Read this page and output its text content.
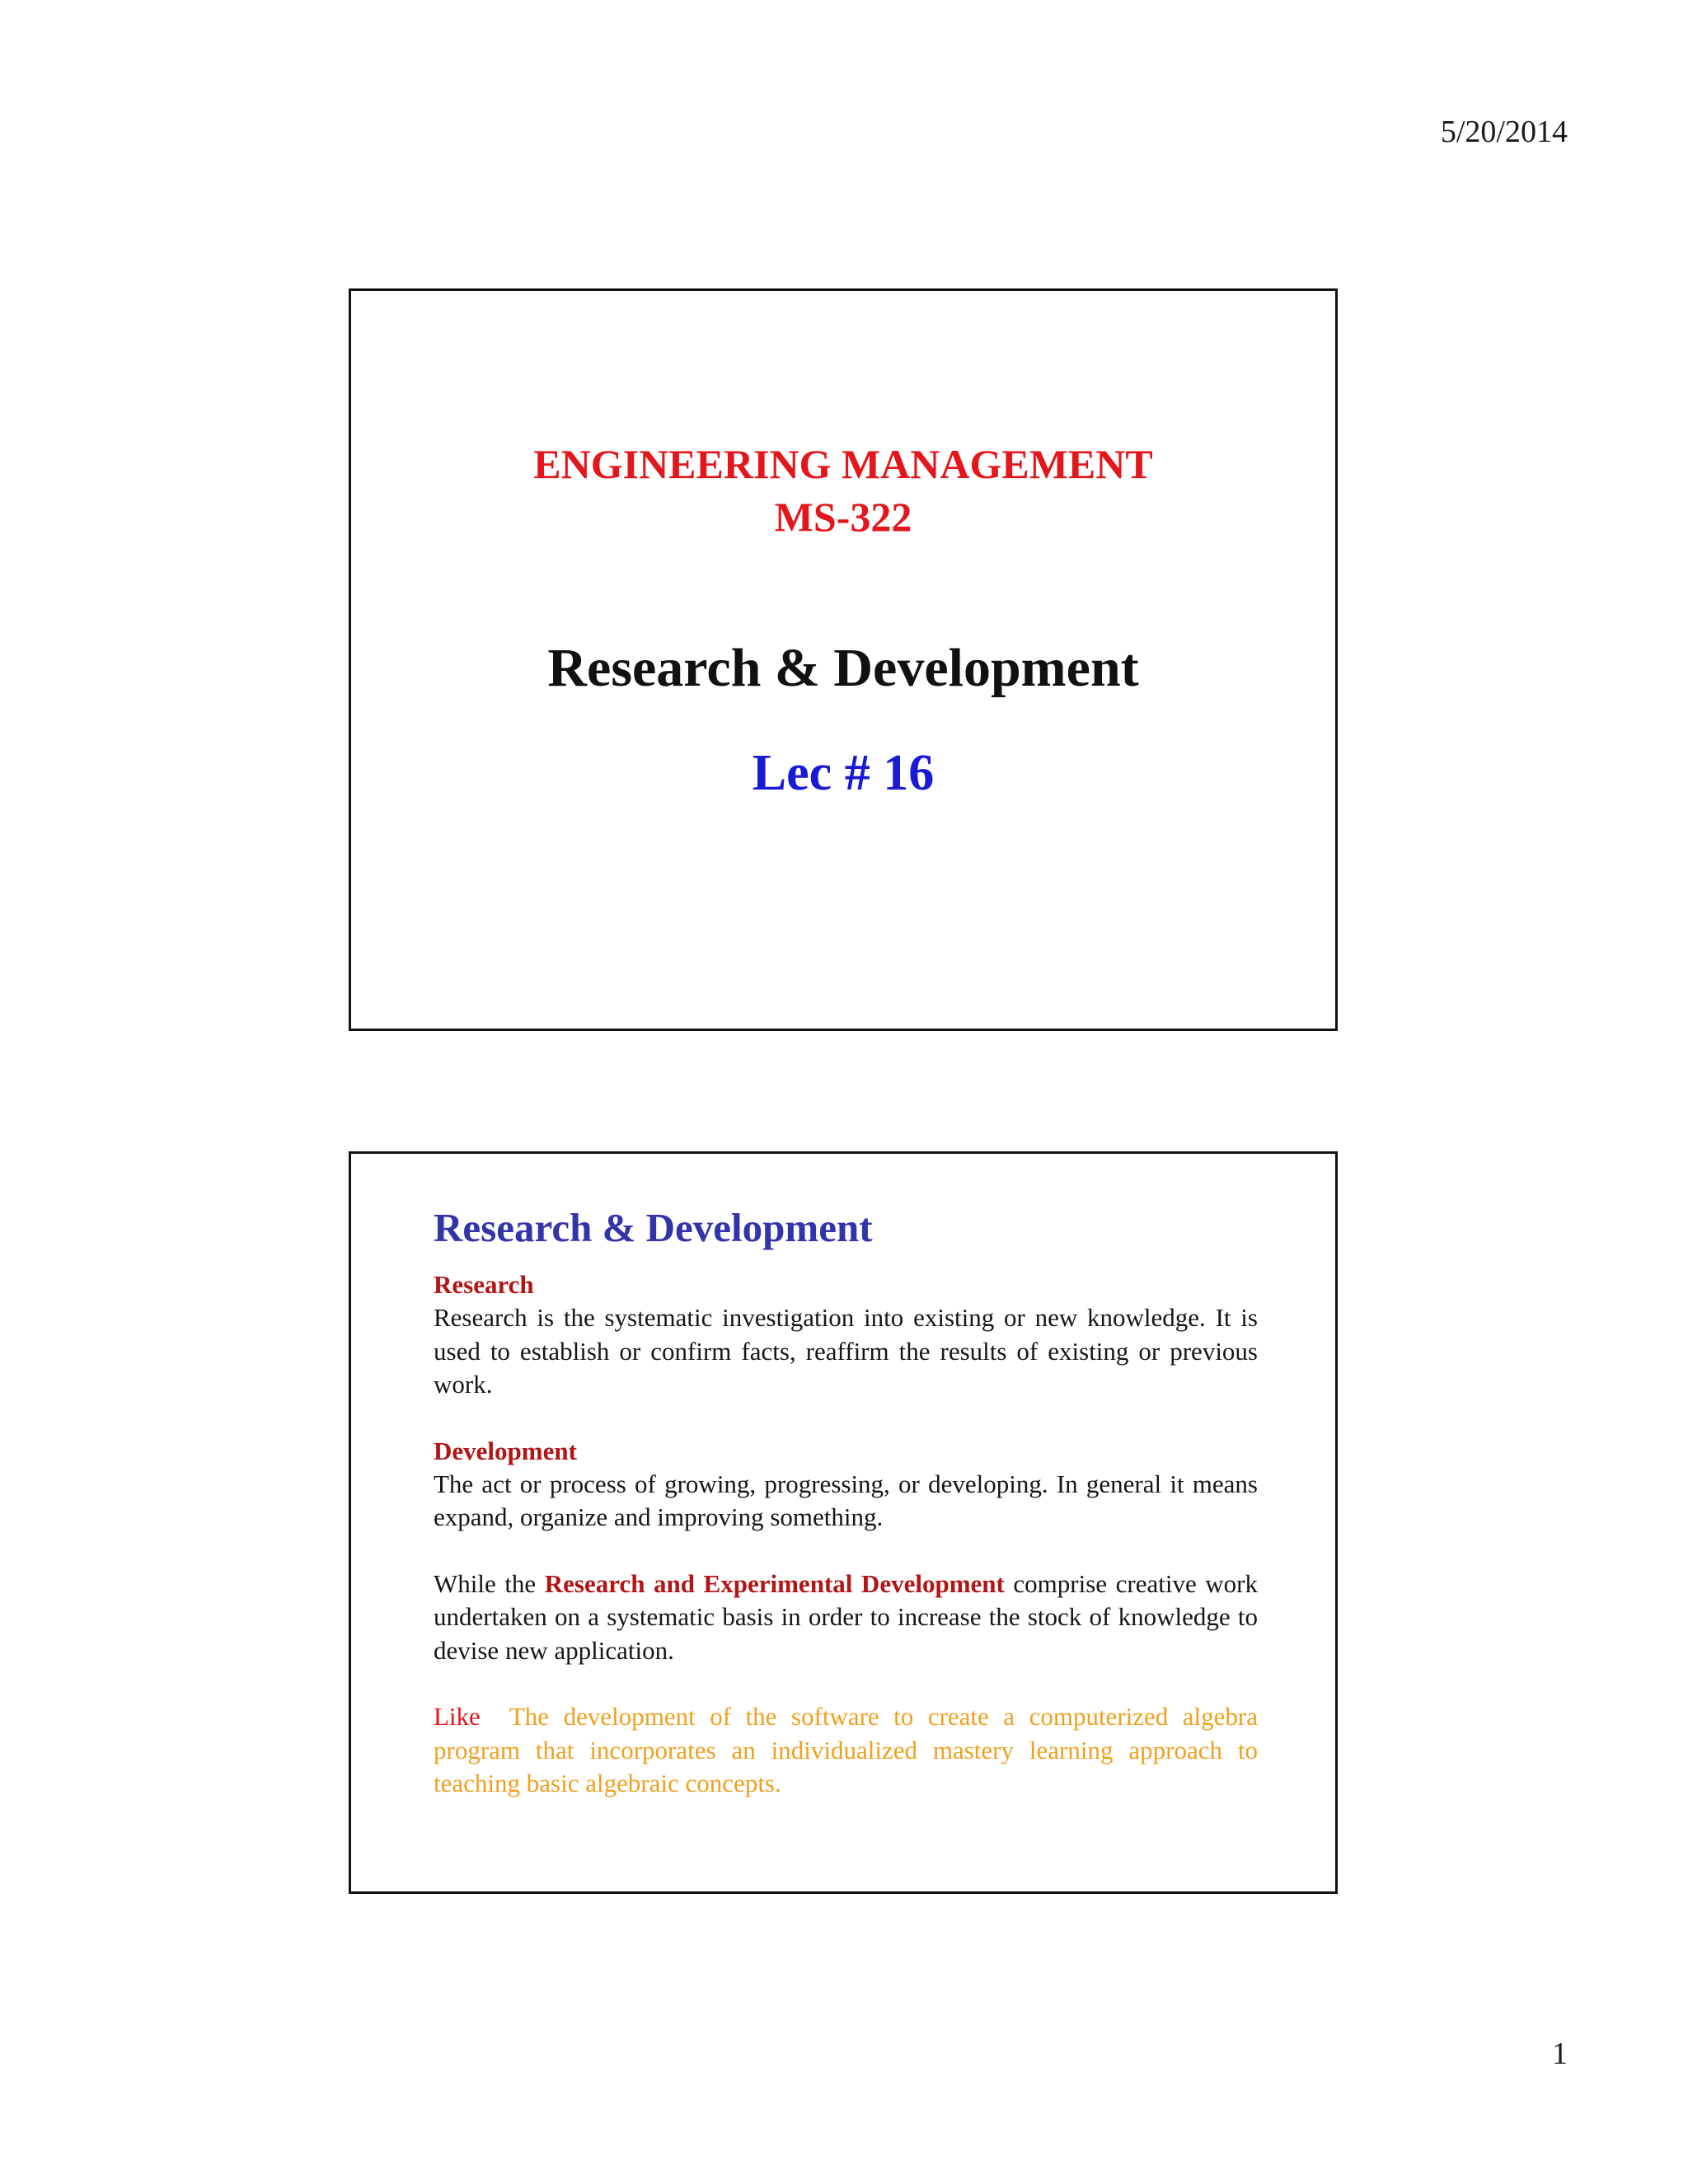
5/20/2014
ENGINEERING MANAGEMENT
MS-322
Research & Development
Lec # 16
Research & Development
Research

Research is the systematic investigation into existing or new knowledge. It is used to establish or confirm facts, reaffirm the results of existing or previous work.

Development

The act or process of growing, progressing, or developing. In general it means expand, organize and improving something.

While the Research and Experimental Development comprise creative work undertaken on a systematic basis in order to increase the stock of knowledge to devise new application.

Like The development of the software to create a computerized algebra program that incorporates an individualized mastery learning approach to teaching basic algebraic concepts.

1
